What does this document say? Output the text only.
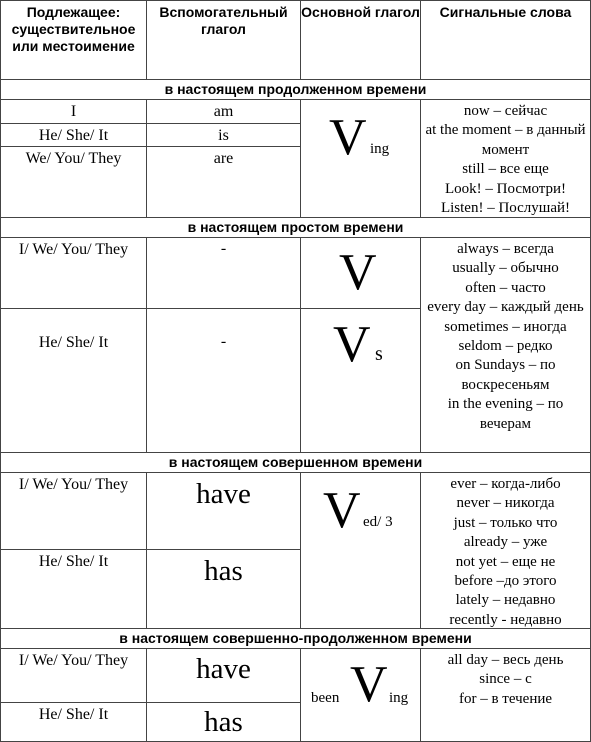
Подлежащее: существительное или местоимение
Вспомогательный глагол
Основной глагол	Сигнальные слова
в настоящем продолженном времени
I
He/ She/ It
We/ You/ They
am
is
are	V ing
now – сейчас
at the moment – в данный момент
still – все еще
Look! – Посмотри!
Listen! – Послушай!
в настоящем простом времени
I/ We/ You/ They
He/ She/ It
-
-
V
V s
always – всегда
usually – обычно
often – часто
every day – каждый день
sometimes – иногда
seldom – редко
on Sundays – по воскресеньям
in the evening – по вечерам
в настоящем совершенном времени
I/ We/ You/ They
He/ She/ It
have
has
V ed/ 3
ever – когда-либо
never – никогда
just – только что
already – уже
not yet – еще не
before –до этого
lately – недавно
recently - недавно
в настоящем совершенно-продолженном времени
I/ We/ You/ They
He/ She/ It
have
has
been V ing
all day – весь день
since – с
for – в течение
